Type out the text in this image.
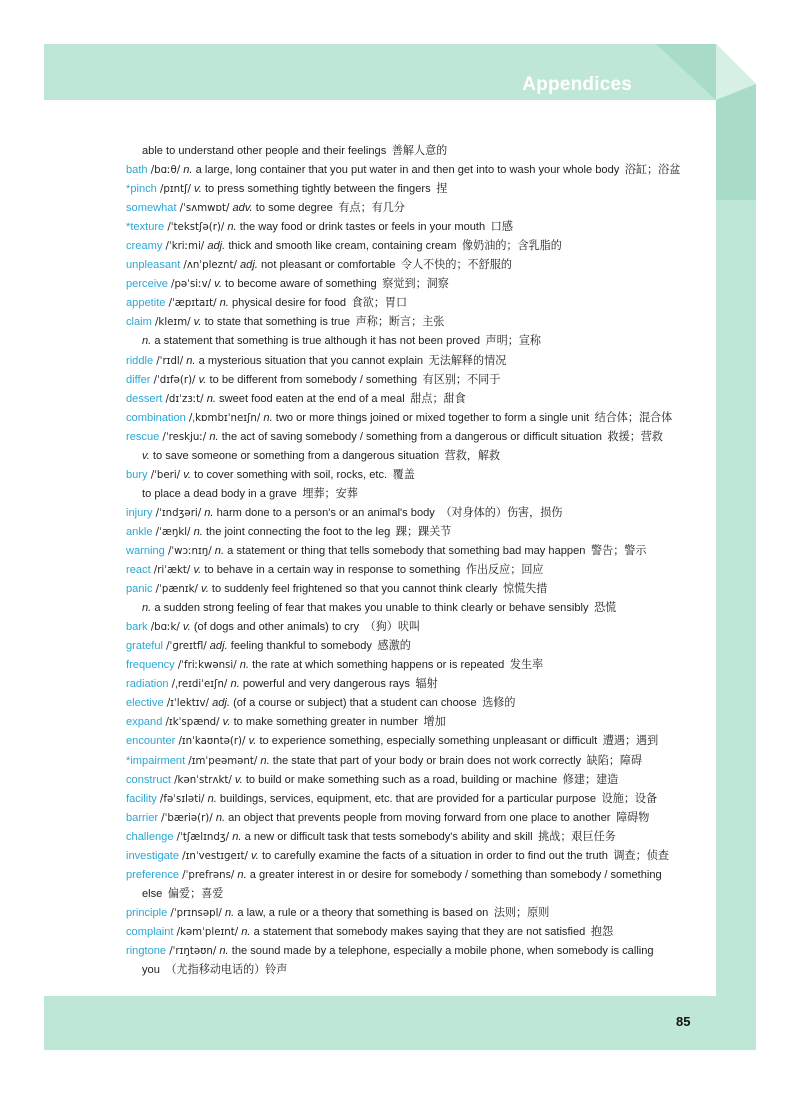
Appendices
able to understand other people and their feelings  善解人意的
bath /bɑːθ/ n. a large, long container that you put water in and then get into to wash your whole body  浴缸；浴盆
*pinch /pɪntʃ/ v. to press something tightly between the fingers  捏
somewhat /ˈsʌmwɒt/ adv. to some degree  有点；有几分
*texture /ˈtekstʃə(r)/ n. the way food or drink tastes or feels in your mouth  口感
creamy /ˈkriːmi/ adj. thick and smooth like cream, containing cream  像奶油的；含乳脂的
unpleasant /ʌnˈpleznt/ adj. not pleasant or comfortable  令人不快的；不舒服的
perceive /pəˈsiːv/ v. to become aware of something  察觉到；洞察
appetite /ˈæpɪtaɪt/ n. physical desire for food  食欲；胃口
claim /kleɪm/ v. to state that something is true  声称；断言；主张
n. a statement that something is true although it has not been proved  声明；宣称
riddle /ˈrɪdl/ n. a mysterious situation that you cannot explain  无法解释的情况
differ /ˈdɪfə(r)/ v. to be different from somebody / something  有区别；不同于
dessert /dɪˈzɜːt/ n. sweet food eaten at the end of a meal  甜点；甜食
combination /ˌkɒmbɪˈneɪʃn/ n. two or more things joined or mixed together to form a single unit  结合体；混合体
rescue /ˈreskjuː/ n. the act of saving somebody / something from a dangerous or difficult situation  救援；营救
v. to save someone or something from a dangerous situation  营救，解救
bury /ˈberi/ v. to cover something with soil, rocks, etc.  覆盖
to place a dead body in a grave  埋葬；安葬
injury /ˈɪndʒəri/ n. harm done to a person's or an animal's body  （对身体的）伤害，损伤
ankle /ˈæŋkl/ n. the joint connecting the foot to the leg  踝；踝关节
warning /ˈwɔːnɪŋ/ n. a statement or thing that tells somebody that something bad may happen  警告；警示
react /riˈækt/ v. to behave in a certain way in response to something  作出反应；回应
panic /ˈpænɪk/ v. to suddenly feel frightened so that you cannot think clearly  惊慌失措
n. a sudden strong feeling of fear that makes you unable to think clearly or behave sensibly  恐慌
bark /bɑːk/ v. (of dogs and other animals) to cry  （狗）吠叫
grateful /ˈɡreɪtfl/ adj. feeling thankful to somebody  感激的
frequency /ˈfriːkwənsi/ n. the rate at which something happens or is repeated  发生率
radiation /ˌreɪdiˈeɪʃn/ n. powerful and very dangerous rays  辐射
elective /ɪˈlektɪv/ adj. (of a course or subject) that a student can choose  选修的
expand /ɪkˈspænd/ v. to make something greater in number  增加
encounter /ɪnˈkaʊntə(r)/ v. to experience something, especially something unpleasant or difficult  遭遇；遇到
*impairment /ɪmˈpeəmənt/ n. the state that part of your body or brain does not work correctly  缺陷；障碍
construct /kənˈstrʌkt/ v. to build or make something such as a road, building or machine  修建；建造
facility /fəˈsɪləti/ n. buildings, services, equipment, etc. that are provided for a particular purpose  设施；设备
barrier /ˈbæriə(r)/ n. an object that prevents people from moving forward from one place to another  障碍物
challenge /ˈtʃælɪndʒ/ n. a new or difficult task that tests somebody's ability and skill  挑战；艰巨任务
investigate /ɪnˈvestɪɡeɪt/ v. to carefully examine the facts of a situation in order to find out the truth  调查；侦查
preference /ˈprefrəns/ n. a greater interest in or desire for somebody / something than somebody / something 
else  偏爱；喜爱
principle /ˈprɪnsəpl/ n. a law, a rule or a theory that something is based on  法则；原则
complaint /kəmˈpleɪnt/ n. a statement that somebody makes saying that they are not satisfied  抱怨
ringtone /ˈrɪŋtəʊn/ n. the sound made by a telephone, especially a mobile phone, when somebody is calling 
you  （尤指移动电话的）铃声
85
